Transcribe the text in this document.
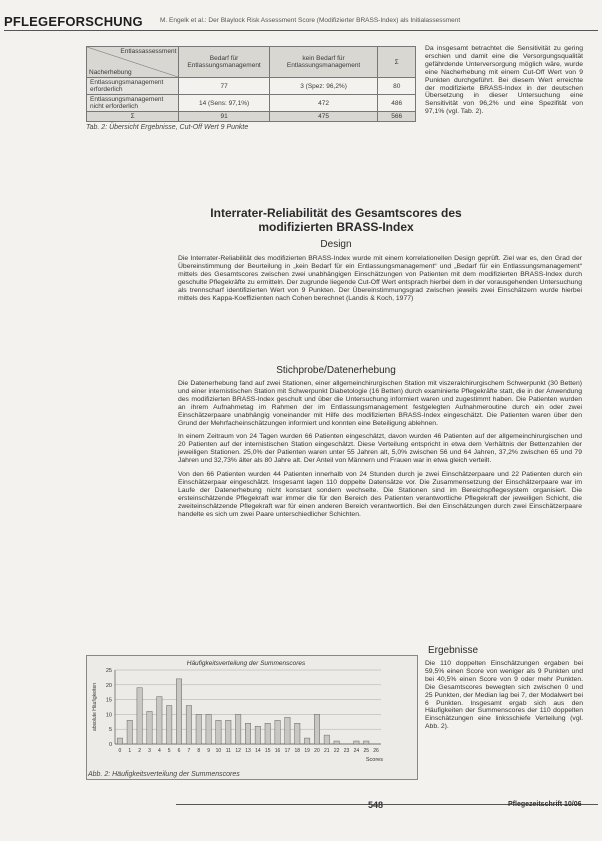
PFLEGEFORSCHUNG	M. Engelk et al.: Der Blaylock Risk Assessment Score (Modifizierter BRASS-Index) als Initialassessment
Entlassassessment
Nacherhebung	Bedarf für Entlassungsmanagement	kein Bedarf für Entlassungsmanagement	Σ
Entlassungsmanagement erforderlich	77	3 (Spez: 96,2%)	80
Entlassungsmanagement nicht erforderlich	14 (Sens: 97,1%)	472	486
Σ	91	475	566
Tab. 2: Übersicht Ergebnisse, Cut-Off Wert 9 Punkte
Da insgesamt betrachtet die Sensitivität zu gering erschien und damit eine die Versorgungsqualität gefährdende Unterversorgung möglich wäre, wurde eine Nacherhebung mit einem Cut-Off Wert von 9 Punkten durchgeführt. Bei diesem Wert erreichte der modifizierte BRASS-Index in der deutschen Übersetzung in dieser Untersuchung eine Sensitivität von 96,2% und eine Spezifität von 97,1% (vgl. Tab. 2).
Interrater-Reliabilität des Gesamtscores des
modifizierten BRASS-Index
Design
Die Interrater-Reliabilität des modifizierten BRASS-Index wurde mit einem korrelationellen Design geprüft. Ziel war es, den Grad der Übereinstimmung der Beurteilung in „kein Bedarf für ein Entlassungsmanagement“ und „Bedarf für ein Entlassungsmanagement“ mittels des Gesamtscores zwischen zwei unabhängigen Einschätzungen von Patienten mit dem modifizierten BRASS-Index durch geschulte Pflegekräfte zu ermitteln. Der zugrunde liegende Cut-Off Wert entsprach hierbei dem in der vorausgehenden Untersuchung als trennscharf identifizierten Wert von 9 Punkten. Der Übereinstimmungsgrad zwischen jeweils zwei Einschätzern wurde hierbei mittels des Kappa-Koeffizienten nach Cohen berechnet (Landis & Koch, 1977)
Stichprobe/Datenerhebung

Die Datenerhebung fand auf zwei Stationen, einer allgemeinchirurgischen Station mit viszeralchirurgischem Schwerpunkt (30 Betten) und einer internistischen Station mit Schwerpunkt Diabetologie (16 Betten) durch examinierte Pflegekräfte statt, die in der Anwendung des modifizierten BRASS-Index geschult und über die Untersuchung informiert waren und zugestimmt haben. Die Patienten wurden an ihrem Aufnahmetag im Rahmen der im Entlassungsmanagement festgelegten Aufnahmeroutine durch ein oder zwei Einschätzerpaare unabhängig voneinander mit Hilfe des modifizierten BRASS-Index eingeschätzt. Die Patienten waren über den Grund der Mehrfacheinschätzungen informiert und konnten eine Beteiligung ablehnen.

In einem Zeitraum von 24 Tagen wurden 66 Patienten eingeschätzt, davon wurden 46 Patienten auf der allgemeinchirurgischen und 20 Patienten auf der internistischen Station eingeschätzt. Diese Verteilung entspricht in etwa dem Verhältnis der Bettenzahlen der jeweiligen Stationen. 25,0% der Patienten waren unter 55 Jahren alt, 5,0% zwischen 56 und 64 Jahren, 37,2% zwischen 65 und 79 Jahren und 32,73% älter als 80 Jahre alt. Der Anteil von Männern und Frauen war in etwa gleich verteilt.

Von den 66 Patienten wurden 44 Patienten innerhalb von 24 Stunden durch je zwei Einschätzerpaare und 22 Patienten durch ein Einschätzerpaar eingeschätzt. Insgesamt lagen 110 doppelte Datensätze vor. Die Zusammensetzung der Einschätzerpaare war im Laufe der Datenerhebung nicht konstant sondern wechselte. Die Stationen sind im Bereichspflegesystem organisiert. Die ersteinschätzende Pflegekraft war immer die für den Bereich des Patienten verantwortliche Pflegekraft der jeweiligen Schicht, die zweiteinschätzende Pflegekraft war für einen anderen Bereich verantwortlich. Bei den Einschätzungen durch zwei Einschätzerpaare handelte es sich um zwei Paare unterschiedlicher Schichten.

Ergebnisse
Die 110 doppelten Einschätzungen ergaben bei 59,5% einen Score von weniger als 9 Punkten und bei 40,5% einen Score von 9 oder mehr Punkten. Die Gesamtscores bewegten sich zwischen 0 und 25 Punkten, der Median lag bei 7, der Modalwert bei 6 Punkten. Insgesamt ergab sich aus den Häufigkeiten der Summenscores der 110 doppelten Einschätzungen eine linksschiefe Verteilung (vgl. Abb. 2).
Häufigkeitsverteilung der Summenscores
0
5
10
15
20
25
0 1 2 3 4 5 6 7 8 9 10 11 12 13 14 15 16 17 18 19 20 21 22 23 24 25 26
absolute Häufigkeiten
Scores
Abb. 2: Häufigkeitsverteilung der Summenscores
548	Pflegezeitschrift 10/06
